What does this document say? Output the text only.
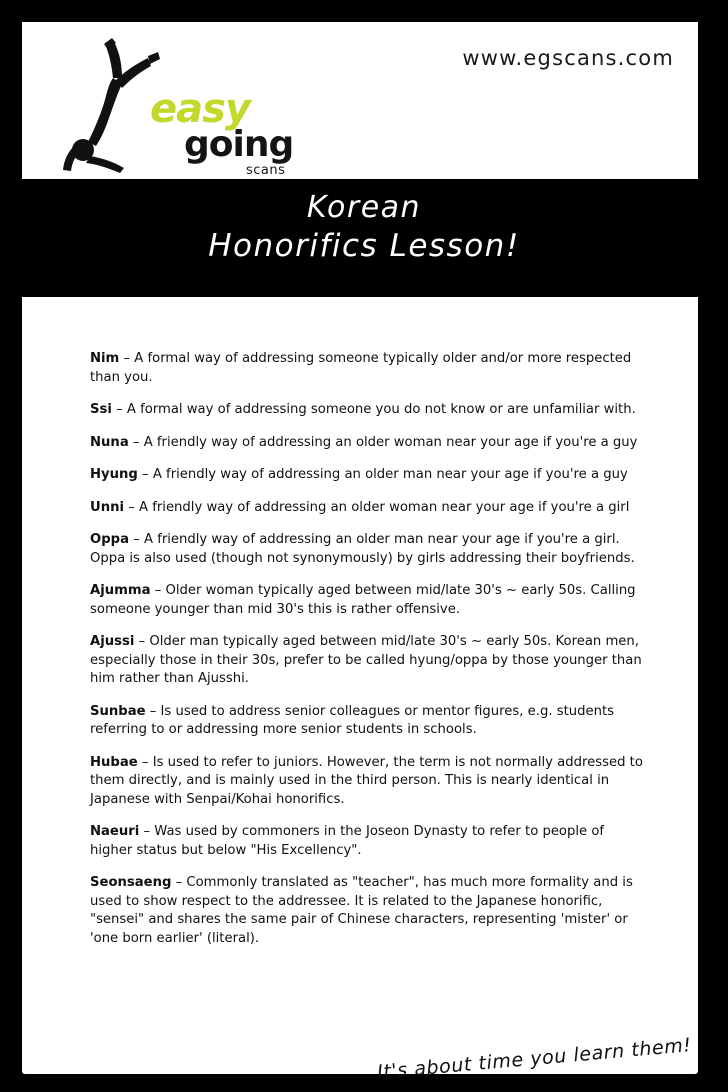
www.egscans.com
easy
going
scans
Korean
Honorifics Lesson!
Nim – A formal way of addressing someone typically older and/or more respected than you.
Ssi – A formal way of addressing someone you do not know or are unfamiliar with.
Nuna – A friendly way of addressing an older woman near your age if you're a guy
Hyung – A friendly way of addressing an older man near your age if you're a guy
Unni – A friendly way of addressing an older woman near your age if you're a girl
Oppa – A friendly way of addressing an older man near your age if you're a girl. Oppa is also used (though not synonymously) by girls addressing their boyfriends.
Ajumma – Older woman typically aged between mid/late 30's ~ early 50s. Calling someone younger than mid 30's this is rather offensive.
Ajussi – Older man typically aged between mid/late 30's ~ early 50s. Korean men, especially those in their 30s, prefer to be called hyung/oppa by those younger than him rather than Ajusshi.
Sunbae – Is used to address senior colleagues or mentor figures, e.g. students referring to or addressing more senior students in schools.
Hubae – Is used to refer to juniors. However, the term is not normally addressed to them directly, and is mainly used in the third person. This is nearly identical in Japanese with Senpai/Kohai honorifics.
Naeuri – Was used by commoners in the Joseon Dynasty to refer to people of higher status but below "His Excellency".
Seonsaeng – Commonly translated as "teacher", has much more formality and is used to show respect to the addressee. It is related to the Japanese honorific, "sensei" and shares the same pair of Chinese characters, representing 'mister' or 'one born earlier' (literal).
It's about time you learn them!
